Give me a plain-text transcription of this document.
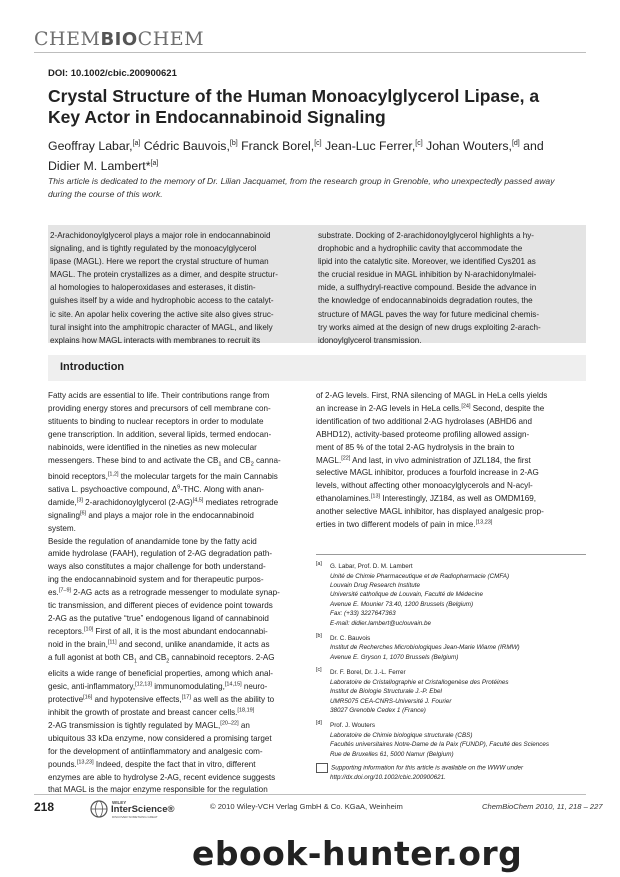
CHEMBIOCHEM
DOI: 10.1002/cbic.200900621
Crystal Structure of the Human Monoacylglycerol Lipase, a
Key Actor in Endocannabinoid Signaling
Geoffray Labar,[a] Cédric Bauvois,[b] Franck Borel,[c] Jean-Luc Ferrer,[c] Johan Wouters,[d] and
Didier M. Lambert*[a]
This article is dedicated to the memory of Dr. Lilian Jacquamet, from the research group in Grenoble, who unexpectedly passed away
during the course of this work.
2-Arachidonoylglycerol plays a major role in endocannabinoid
signaling, and is tightly regulated by the monoacylglycerol
lipase (MAGL). Here we report the crystal structure of human
MAGL. The protein crystallizes as a dimer, and despite structur-
al homologies to haloperoxidases and esterases, it distin-
guishes itself by a wide and hydrophobic access to the catalyt-
ic site. An apolar helix covering the active site also gives struc-
tural insight into the amphitropic character of MAGL, and likely
explains how MAGL interacts with membranes to recruit its
substrate. Docking of 2-arachidonoylglycerol highlights a hy-
drophobic and a hydrophilic cavity that accommodate the
lipid into the catalytic site. Moreover, we identified Cys201 as
the crucial residue in MAGL inhibition by N-arachidonylmalei-
mide, a sulfhydryl-reactive compound. Beside the advance in
the knowledge of endocannabinoids degradation routes, the
structure of MAGL paves the way for future medicinal chemis-
try works aimed at the design of new drugs exploiting 2-arach-
idonoylglycerol transmission.
Introduction
Fatty acids are essential to life. Their contributions range from
providing energy stores and precursors of cell membrane con-
stituents to binding to nuclear receptors in order to modulate
gene transcription. In addition, several lipids, termed endocan-
nabinoids, were identified in the nineties as new molecular
messengers. These bind to and activate the $CB_1$ and $CB_2$ canna-
binoid receptors,[1,2] the molecular targets for the main Cannabis
sativa L. psychoactive compound, $\Delta^9$-THC. Along with anan-
damide,[3] 2-arachidonoylglycerol (2-AG)[4,5] mediates retrograde
signaling[6] and plays a major role in the endocannabinoid
system.
Beside the regulation of anandamide tone by the fatty acid
amide hydrolase (FAAH), regulation of 2-AG degradation path-
ways also constitutes a major challenge for both understand-
ing the endocannabinoid system and for therapeutic purpos-
es.[7–9] 2-AG acts as a retrograde messenger to modulate synap-
tic transmission, and different pieces of evidence point towards
2-AG as the putative “true” endogenous ligand of cannabinoid
receptors.[10] First of all, it is the most abundant endocannabi-
noid in the brain,[11] and second, unlike anandamide, it acts as
a full agonist at both $CB_1$ and $CB_2$ cannabinoid receptors. 2-AG
elicits a wide range of beneficial properties, among which anal-
gesic, anti-inflammatory,[12,13] immunomodulating,[14,15] neuro-
protective[16] and hypotensive effects,[17] as well as the ability to
inhibit the growth of prostate and breast cancer cells.[18,19]
2-AG transmission is tightly regulated by MAGL,[20–22] an
ubiquitous 33 kDa enzyme, now considered a promising target
for the development of antiinflammatory and analgesic com-
pounds.[13,23] Indeed, despite the fact that in vitro, different
enzymes are able to hydrolyse 2-AG, recent evidence suggests
that MAGL is the major enzyme responsible for the regulation
of 2-AG levels. First, RNA silencing of MAGL in HeLa cells yields
an increase in 2-AG levels in HeLa cells.[24] Second, despite the
identification of two additional 2-AG hydrolases (ABHD6 and
ABHD12), activity-based proteome profiling allowed assign-
ment of 85 % of the total 2-AG hydrolysis in the brain to
MAGL.[22] And last, in vivo administration of JZL184, the first
selective MAGL inhibitor, produces a fourfold increase in 2-AG
levels, without affecting other monoacylglycerols and N-acyl-
ethanolamines.[13] Interestingly, JZ184, as well as OMDM169,
another selective MAGL inhibitor, has displayed analgesic prop-
erties in two different models of pain in mice.[13,23]
[a] G. Labar, Prof. D. M. Lambert
Unité de Chimie Pharmaceutique et de Radiopharmacie (CMFA)
Louvain Drug Research Institute
Université catholique de Louvain, Faculté de Médecine
Avenue E. Mounier 73.40, 1200 Brussels (Belgium)
Fax: (+33) 3227647363
E-mail: didier.lambert@uclouvain.be
[b] Dr. C. Bauvois
Institut de Recherches Microbiologiques Jean-Marie Wiame (IRMW)
Avenue E. Gryson 1, 1070 Brussels (Belgium)
[c] Dr. F. Borel, Dr. J.-L. Ferrer
Laboratoire de Cristallographie et Cristallogenèse des Protéines
Institut de Biologie Structurale J.-P. Ebel
UMR5075 CEA-CNRS-Université J. Fourier
38027 Grenoble Cedex 1 (France)
[d] Prof. J. Wouters
Laboratoire de Chimie biologique structurale (CBS)
Facultés universitaires Notre-Dame de la Paix (FUNDP), Faculté des Sciences
Rue de Bruxelles 61, 5000 Namur (Belgium)
Supporting information for this article is available on the WWW under
http://dx.doi.org/10.1002/cbic.200900621.
218	WILEY
InterScience®
DISCOVER SOMETHING GREAT
© 2010 Wiley-VCH Verlag GmbH & Co. KGaA, Weinheim	ChemBioChem 2010, 11, 218 – 227
ebook-hunter.org
